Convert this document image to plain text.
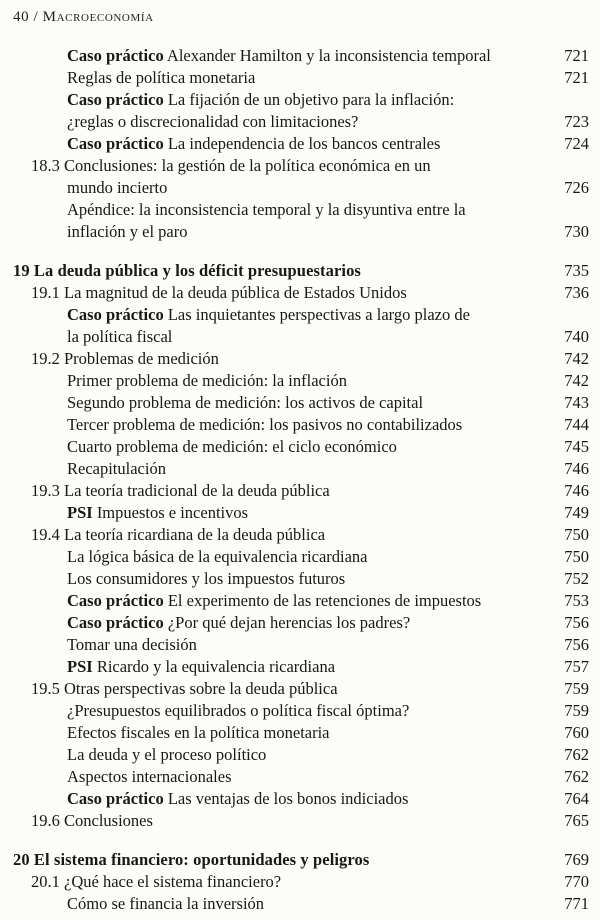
40 / Macroeconomía
Caso práctico Alexander Hamilton y la inconsistencia temporal	721
Reglas de política monetaria	721
Caso práctico La fijación de un objetivo para la inflación:
¿reglas o discrecionalidad con limitaciones?	723
Caso práctico La independencia de los bancos centrales	724
18.3 Conclusiones: la gestión de la política económica en un
mundo incierto	726
Apéndice: la inconsistencia temporal y la disyuntiva entre la
inflación y el paro	730
19 La deuda pública y los déficit presupuestarios	735
19.1 La magnitud de la deuda pública de Estados Unidos	736
Caso práctico Las inquietantes perspectivas a largo plazo de
la política fiscal	740
19.2 Problemas de medición	742
Primer problema de medición: la inflación	742
Segundo problema de medición: los activos de capital	743
Tercer problema de medición: los pasivos no contabilizados	744
Cuarto problema de medición: el ciclo económico	745
Recapitulación	746
19.3 La teoría tradicional de la deuda pública	746
PSI Impuestos e incentivos	749
19.4 La teoría ricardiana de la deuda pública	750
La lógica básica de la equivalencia ricardiana	750
Los consumidores y los impuestos futuros	752
Caso práctico El experimento de las retenciones de impuestos	753
Caso práctico ¿Por qué dejan herencias los padres?	756
Tomar una decisión	756
PSI Ricardo y la equivalencia ricardiana	757
19.5 Otras perspectivas sobre la deuda pública	759
¿Presupuestos equilibrados o política fiscal óptima?	759
Efectos fiscales en la política monetaria	760
La deuda y el proceso político	762
Aspectos internacionales	762
Caso práctico Las ventajas de los bonos indiciados	764
19.6 Conclusiones	765
20 El sistema financiero: oportunidades y peligros	769
20.1 ¿Qué hace el sistema financiero?	770
Cómo se financia la inversión	771
